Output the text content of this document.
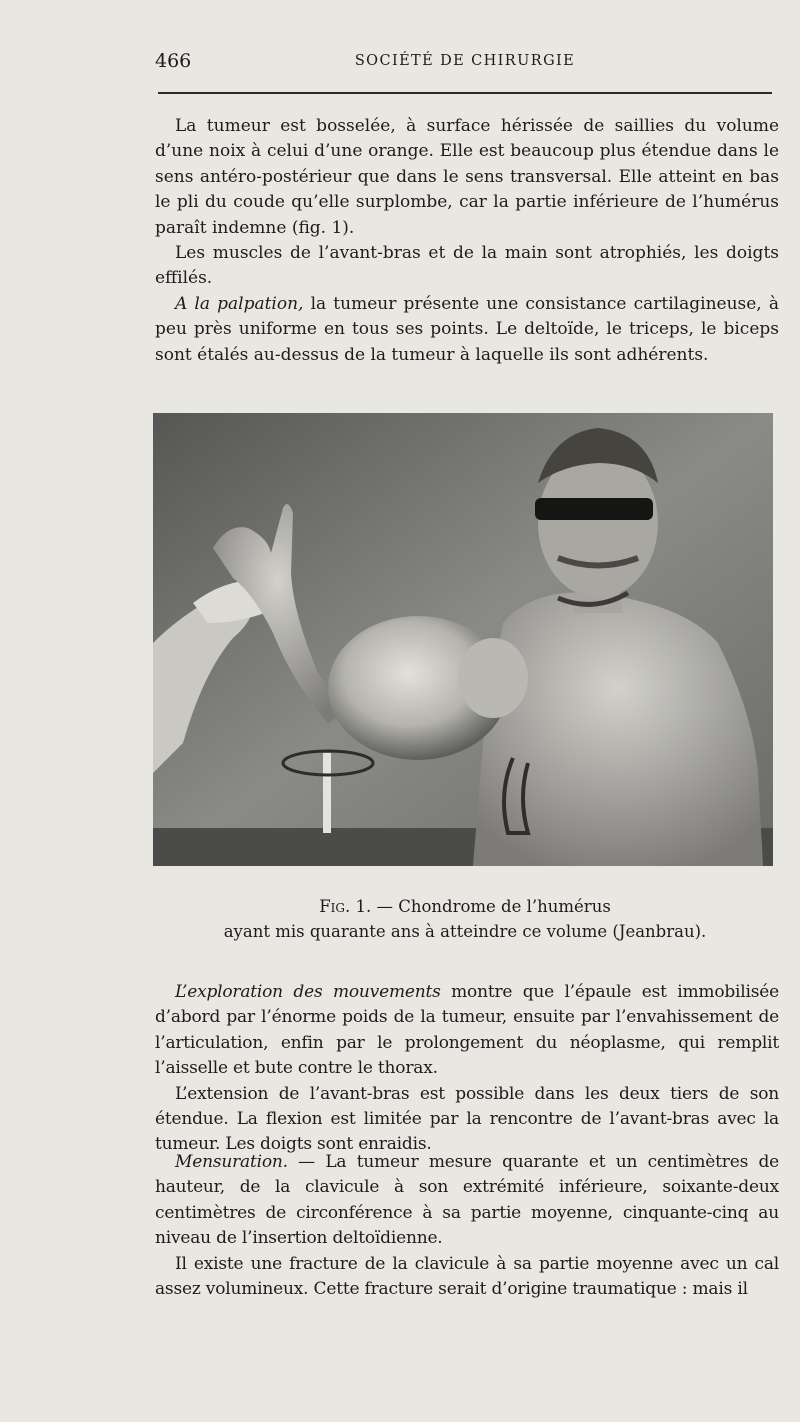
466	SOCIÉTÉ DE CHIRURGIE

La tumeur est bosselée, à surface hérissée de saillies du volume d’une noix à celui d’une orange. Elle est beaucoup plus étendue dans le sens antéro-postérieur que dans le sens transversal. Elle atteint en bas le pli du coude qu’elle surplombe, car la partie inférieure de l’humérus paraît indemne (fig. 1).

Les muscles de l’avant-bras et de la main sont atrophiés, les doigts effilés.

A la palpation, la tumeur présente une consistance cartilagineuse, à peu près uniforme en tous ses points. Le deltoïde, le triceps, le biceps sont étalés au-dessus de la tumeur à laquelle ils sont adhérents.

Fig. 1. — Chondrome de l’humérus
ayant mis quarante ans à atteindre ce volume (Jeanbrau).

L’exploration des mouvements montre que l’épaule est immobilisée d’abord par l’énorme poids de la tumeur, ensuite par l’envahissement de l’articulation, enfin par le prolongement du néoplasme, qui remplit l’aisselle et bute contre le thorax.

L’extension de l’avant-bras est possible dans les deux tiers de son étendue. La flexion est limitée par la rencontre de l’avant-bras avec la tumeur. Les doigts sont enraidis.

Mensuration. — La tumeur mesure quarante et un centimètres de hauteur, de la clavicule à son extrémité inférieure, soixante-deux centimètres de circonférence à sa partie moyenne, cinquante-cinq au niveau de l’insertion deltoïdienne.

Il existe une fracture de la clavicule à sa partie moyenne avec un cal assez volumineux. Cette fracture serait d’origine traumatique : mais il
